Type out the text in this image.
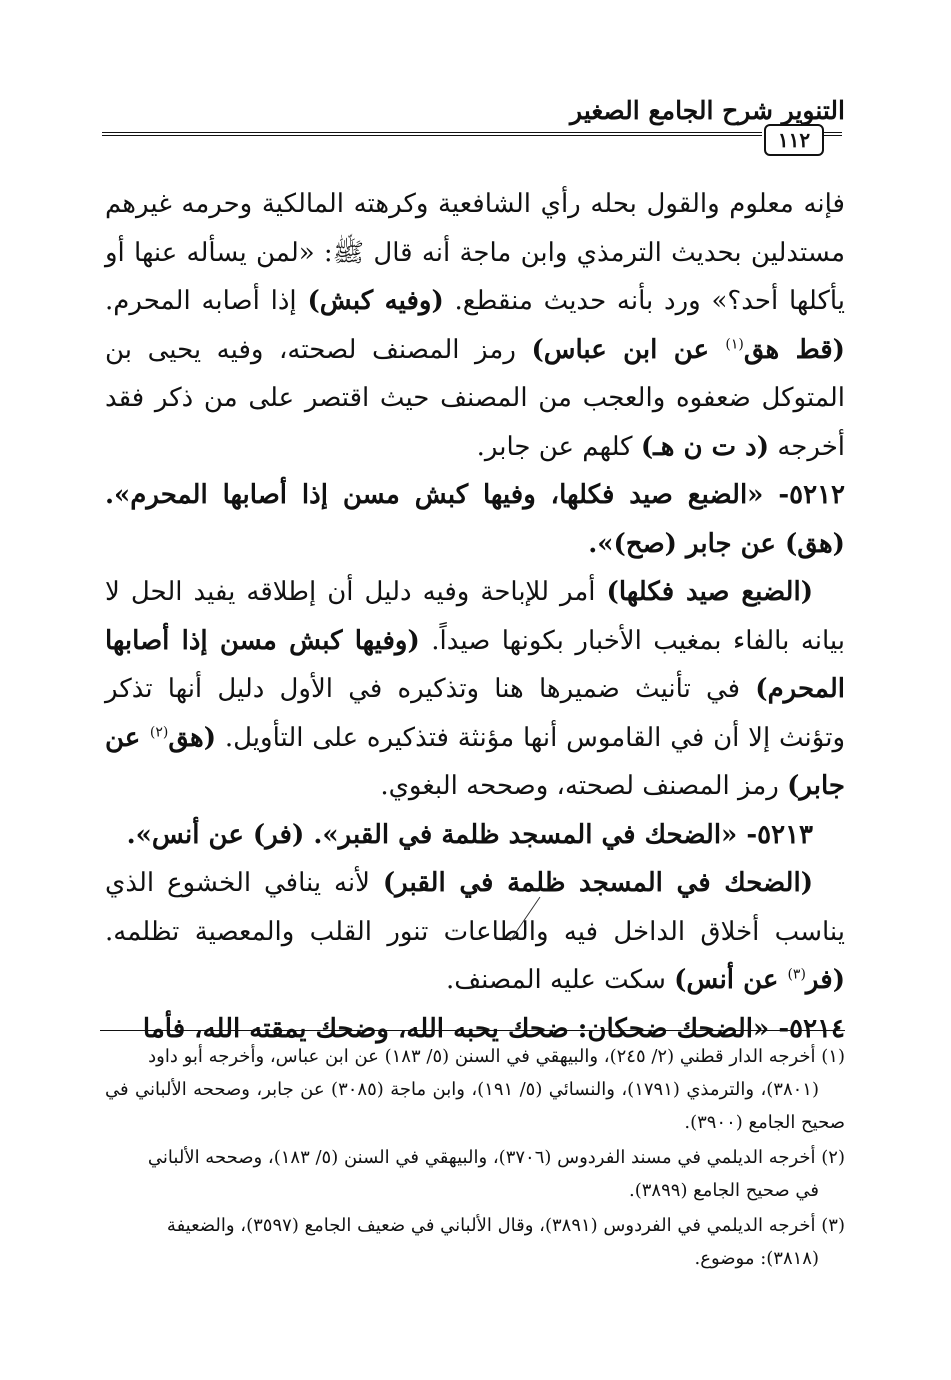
التنوير شرح الجامع الصغير
١١٢

فإنه معلوم والقول بحله رأي الشافعية وكرهته المالكية وحرمه غيرهم مستدلين بحديث الترمذي وابن ماجة أنه قال ﷺ: «لمن يسأله عنها أو يأكلها أحد؟» ورد بأنه حديث منقطع. (وفيه كبش) إذا أصابه المحرم. (قط هق$^{(١)}$ عن ابن عباس) رمز المصنف لصحته، وفيه يحيى بن المتوكل ضعفوه والعجب من المصنف حيث اقتصر على من ذكر فقد أخرجه (د ت ن هـ) كلهم عن جابر.

٥٢١٢- «الضبع صيد فكلها، وفيها كبش مسن إذا أصابها المحرم». (هق) عن جابر (صح)».

(الضبع صيد فكلها) أمر للإباحة وفيه دليل أن إطلاقه يفيد الحل لا بيانه بالفاء بمغيب الأخبار بكونها صيداً. (وفيها كبش مسن إذا أصابها المحرم) في تأنيث ضميرها هنا وتذكيره في الأول دليل أنها تذكر وتؤنث إلا أن في القاموس أنها مؤنثة فتذكيره على التأويل. (هق$^{(٢)}$ عن جابر) رمز المصنف لصحته، وصححه البغوي.

٥٢١٣- «الضحك في المسجد ظلمة في القبر». (فر) عن أنس».

(الضحك في المسجد ظلمة في القبر) لأنه ينافي الخشوع الذي يناسب أخلاق الداخل فيه والطاعات تنور القلب والمعصية تظلمه. (فر$^{(٣)}$ عن أنس) سكت عليه المصنف.

٥٢١٤- «الضحك ضحكان: ضحك يحبه الله، وضحك يمقته الله، فأما

(١) أخرجه الدار قطني (٢/ ٢٤٥)، والبيهقي في السنن (٥/ ١٨٣) عن ابن عباس، وأخرجه أبو داود
(٣٨٠١)، والترمذي (١٧٩١)، والنسائي (٥/ ١٩١)، وابن ماجة (٣٠٨٥) عن جابر، وصححه الألباني في صحيح الجامع (٣٩٠٠).

(٢) أخرجه الديلمي في مسند الفردوس (٣٧٠٦)، والبيهقي في السنن (٥/ ١٨٣)، وصححه الألباني
في صحيح الجامع (٣٨٩٩).

(٣) أخرجه الديلمي في الفردوس (٣٨٩١)، وقال الألباني في ضعيف الجامع (٣٥٩٧)، والضعيفة
(٣٨١٨): موضوع.
